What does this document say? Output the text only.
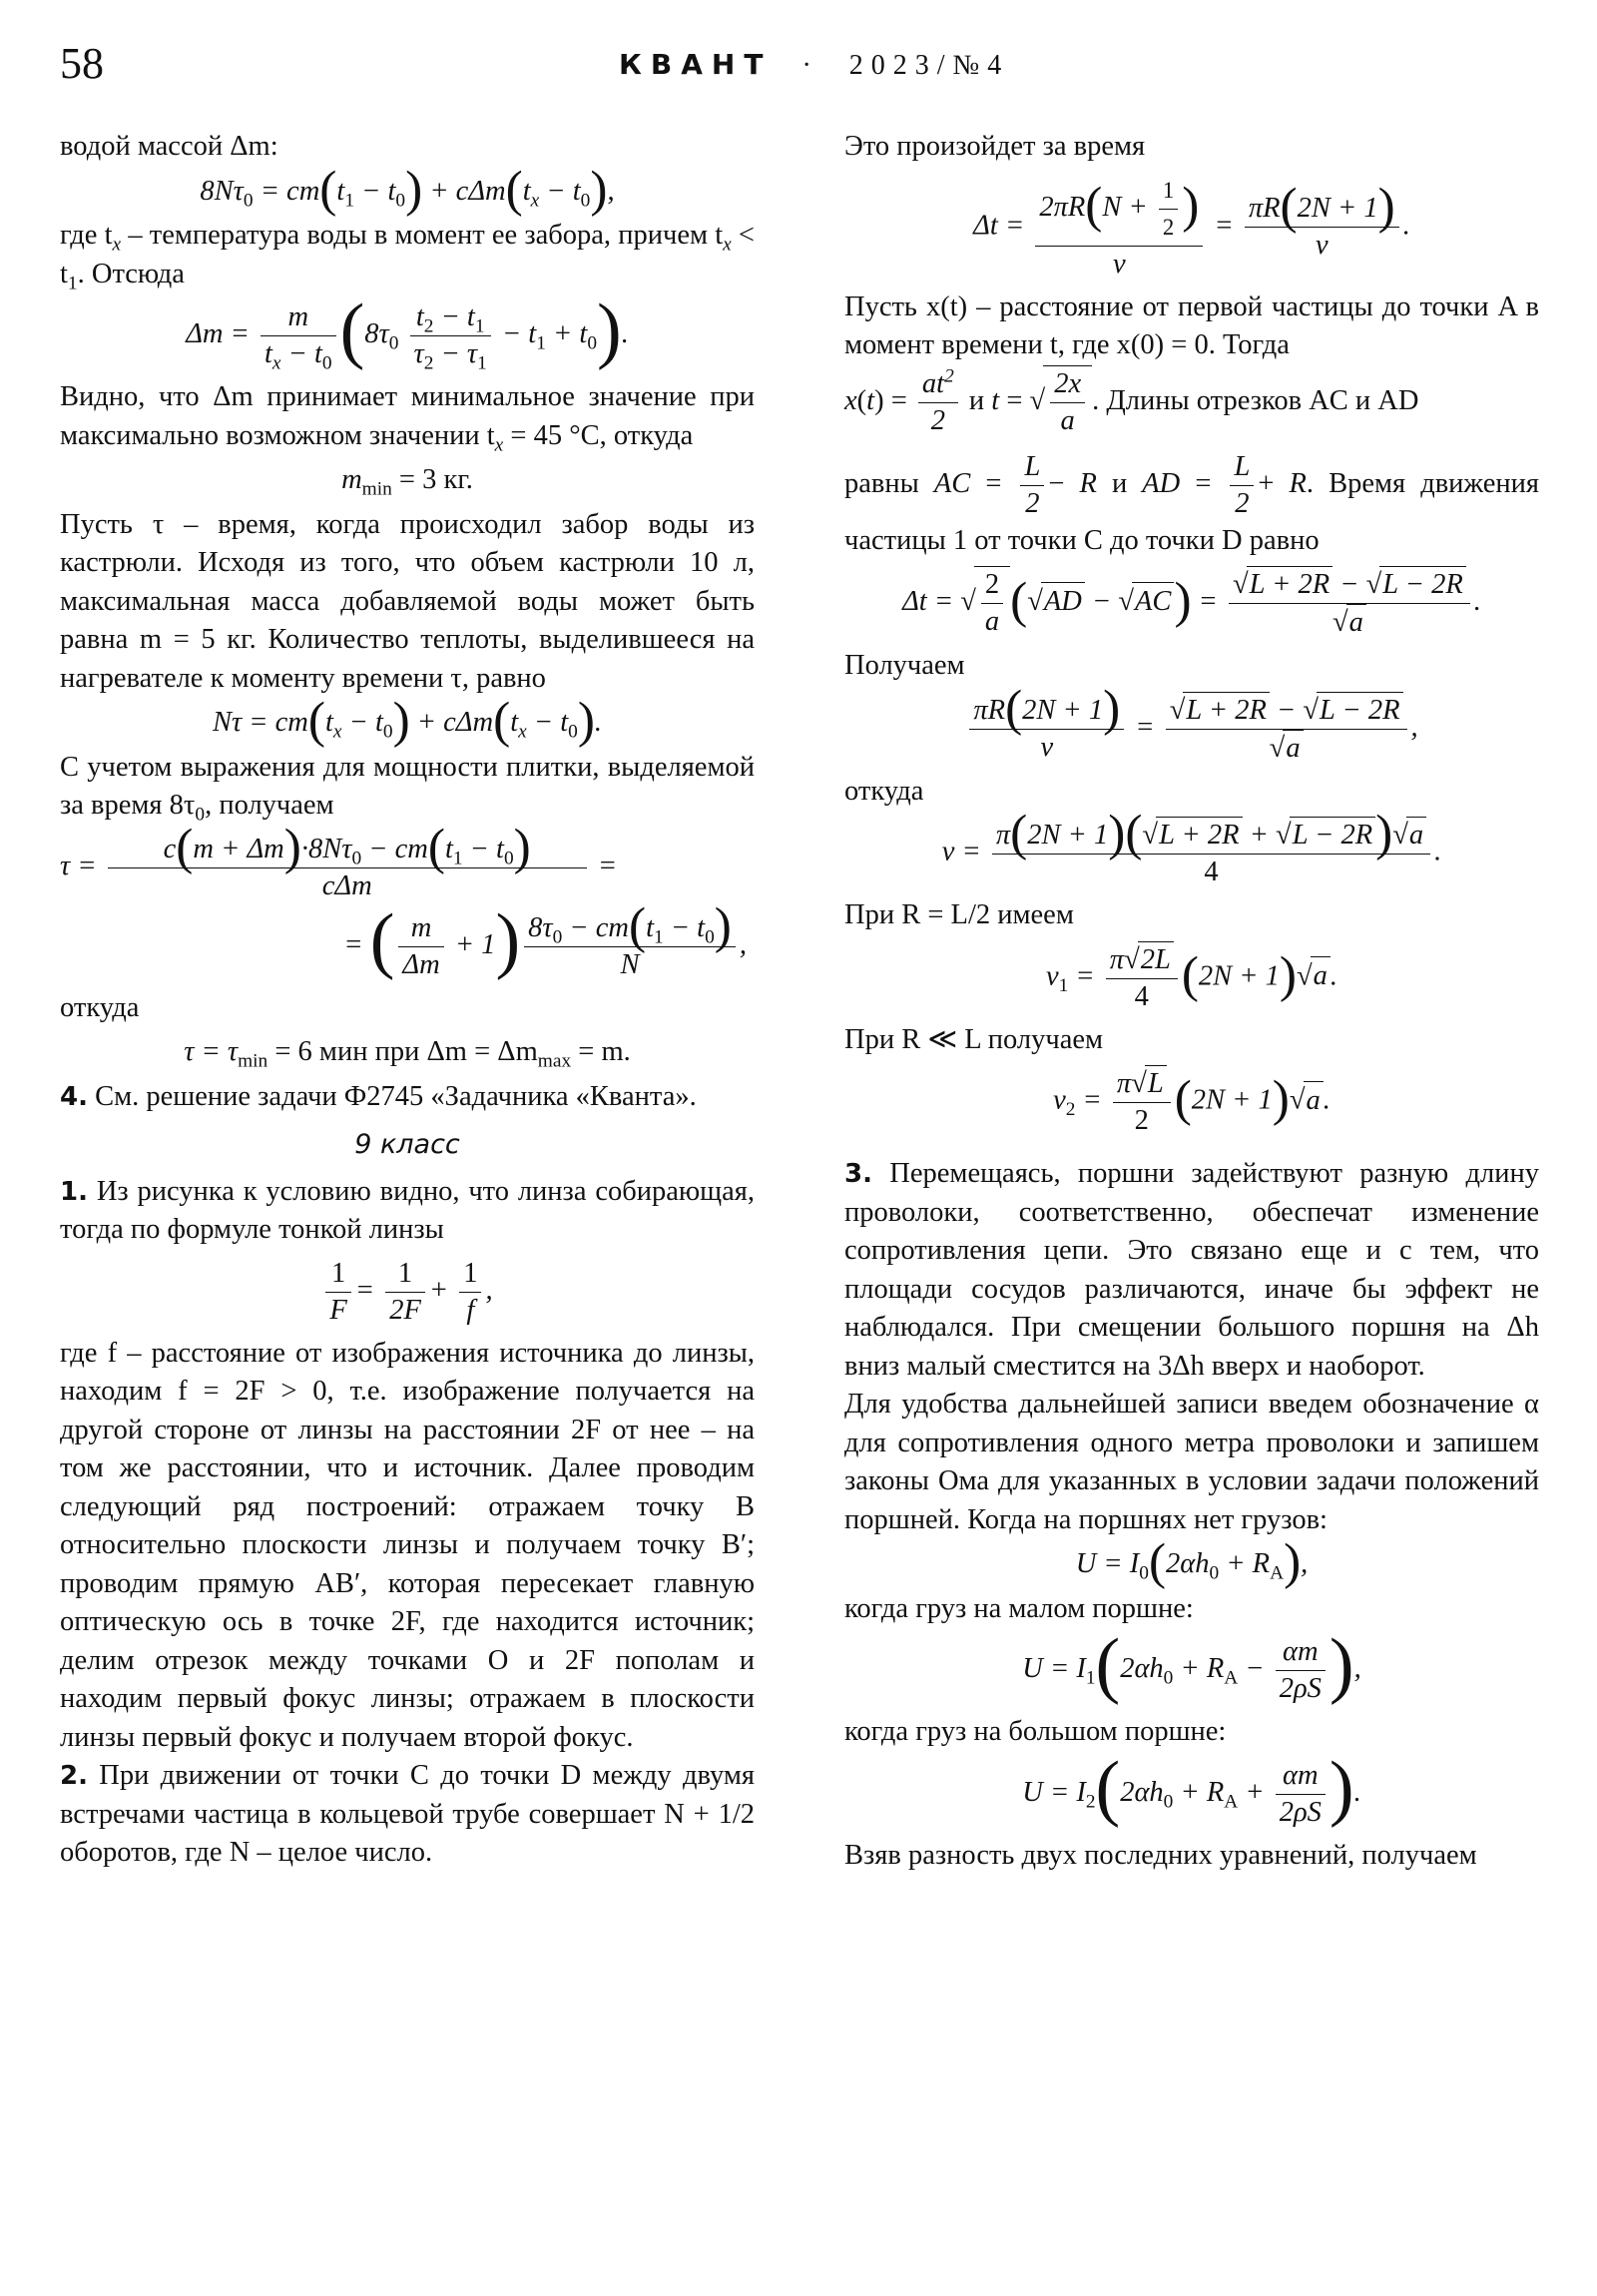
58	КВАНТ · 2023/№4

водой массой Δm:

$8N\tau_0 = cm(t_1 - t_0) + c\Delta m(t_x - t_0)$,

где $t_x$ – температура воды в момент ее забора, причем $t_x < t_1$. Отсюда

$\Delta m = \frac{m}{t_x - t_0} (8\tau_0 \frac{t_2 - t_1}{\tau_2 - \tau_1} - t_1 + t_0)$.

Видно, что Δm принимает минимальное значение при максимально возможном значении $t_x = 45$ °С, откуда

$m_{min} = 3$ кг.

Пусть τ – время, когда происходил забор воды из кастрюли. Исходя из того, что объем кастрюли 10 л, максимальная масса добавляемой воды может быть равна m = 5 кг. Количество теплоты, выделившееся на нагревателе к моменту времени τ, равно

$N\tau = cm(t_x - t_0) + c\Delta m(t_x - t_0)$.

С учетом выражения для мощности плитки, выделяемой за время $8\tau_0$, получаем

$\tau = \frac{c(m + \Delta m)\cdot 8N\tau_0 - cm(t_1 - t_0)}{\text{cΔm}}$ =
= ( $\frac{m}{\Delta m} + 1) \frac{8\tau_0 - cm(t_1 - t_0)}{N}$ ,

откуда

$\tau = \tau_{min} = 6$ мин при $\Delta m = \Delta m_{max} = m$.

4. См. решение задачи Ф2745 «Задачника «Кванта».

9 класс

1. Из рисунка к условию видно, что линза собирающая, тогда по формуле тонкой линзы

$\frac{1}{F} = \frac{1}{2F} + \frac{1}{f}$ ,

где f – расстояние от изображения источника до линзы, находим f = 2F > 0, т.е. изображение получается на другой стороне от линзы на расстоянии 2F от нее – на том же расстоянии, что и источник. Далее проводим следующий ряд построений: отражаем точку B относительно плоскости линзы и получаем точку B′; проводим прямую AB′, которая пересекает главную оптическую ось в точке 2F, где находится источник; делим отрезок между точками O и 2F пополам и находим первый фокус линзы; отражаем в плоскости линзы первый фокус и получаем второй фокус.

2. При движении от точки C до точки D между двумя встречами частица в кольцевой трубе совершает N + 1/2 оборотов, где N – целое число.

Это произойдет за время

$\Delta t = \frac{2\pi R(N + \frac{1}{2} )}{v} = \frac{\pi R(2N + 1)}{v}$ .

Пусть x(t) – расстояние от первой частицы до точки A в момент времени t, где x(0) = 0. Тогда

$x(t) = \frac{at^2}{2}$ и t = √ $\frac{2x}{a}$ . Длины отрезков AC и AD

равны AC = $\frac{L}{2} - R$ и AD = $\frac{L}{2} + R$. Время движения частицы 1 от точки C до точки D равно

Δt = √ $\frac{2}{a} (√AD - √AC) = \frac{√L + 2R - √L - 2R}{√a}$ .

Получаем

$\frac{\pi R(2N + 1)}{v} = \frac{√L + 2R - √L - 2R}{√a}$ ,

откуда

$v = \frac{\pi(2N + 1)(√L + 2R + √L - 2R)√a}{4}$ .

При R = L/2 имеем

$v_1 = \frac{\pi√2L}{4} (2N + 1)√a$ .

При R ≪ L получаем

$v_2 = \frac{\pi√L}{2} (2N + 1)√a$ .

3. Перемещаясь, поршни задействуют разную длину проволоки, соответственно, обеспечат изменение сопротивления цепи. Это связано еще и с тем, что площади сосудов различаются, иначе бы эффект не наблюдался. При смещении большого поршня на Δh вниз малый сместится на 3Δh вверх и наоборот.

Для удобства дальнейшей записи введем обозначение α для сопротивления одного метра проволоки и запишем законы Ома для указанных в условии задачи положений поршней. Когда на поршнях нет грузов:

$U = I_0(2\alpha h_0 + R_A)$,

когда груз на малом поршне:

$U = I_1(2\alpha h_0 + R_A - \frac{\alpha m}{2\rho S}$ ),

когда груз на большом поршне:

$U = I_2(2\alpha h_0 + R_A + \frac{\alpha m}{2\rho S}$ ).

Взяв разность двух последних уравнений, получаем
